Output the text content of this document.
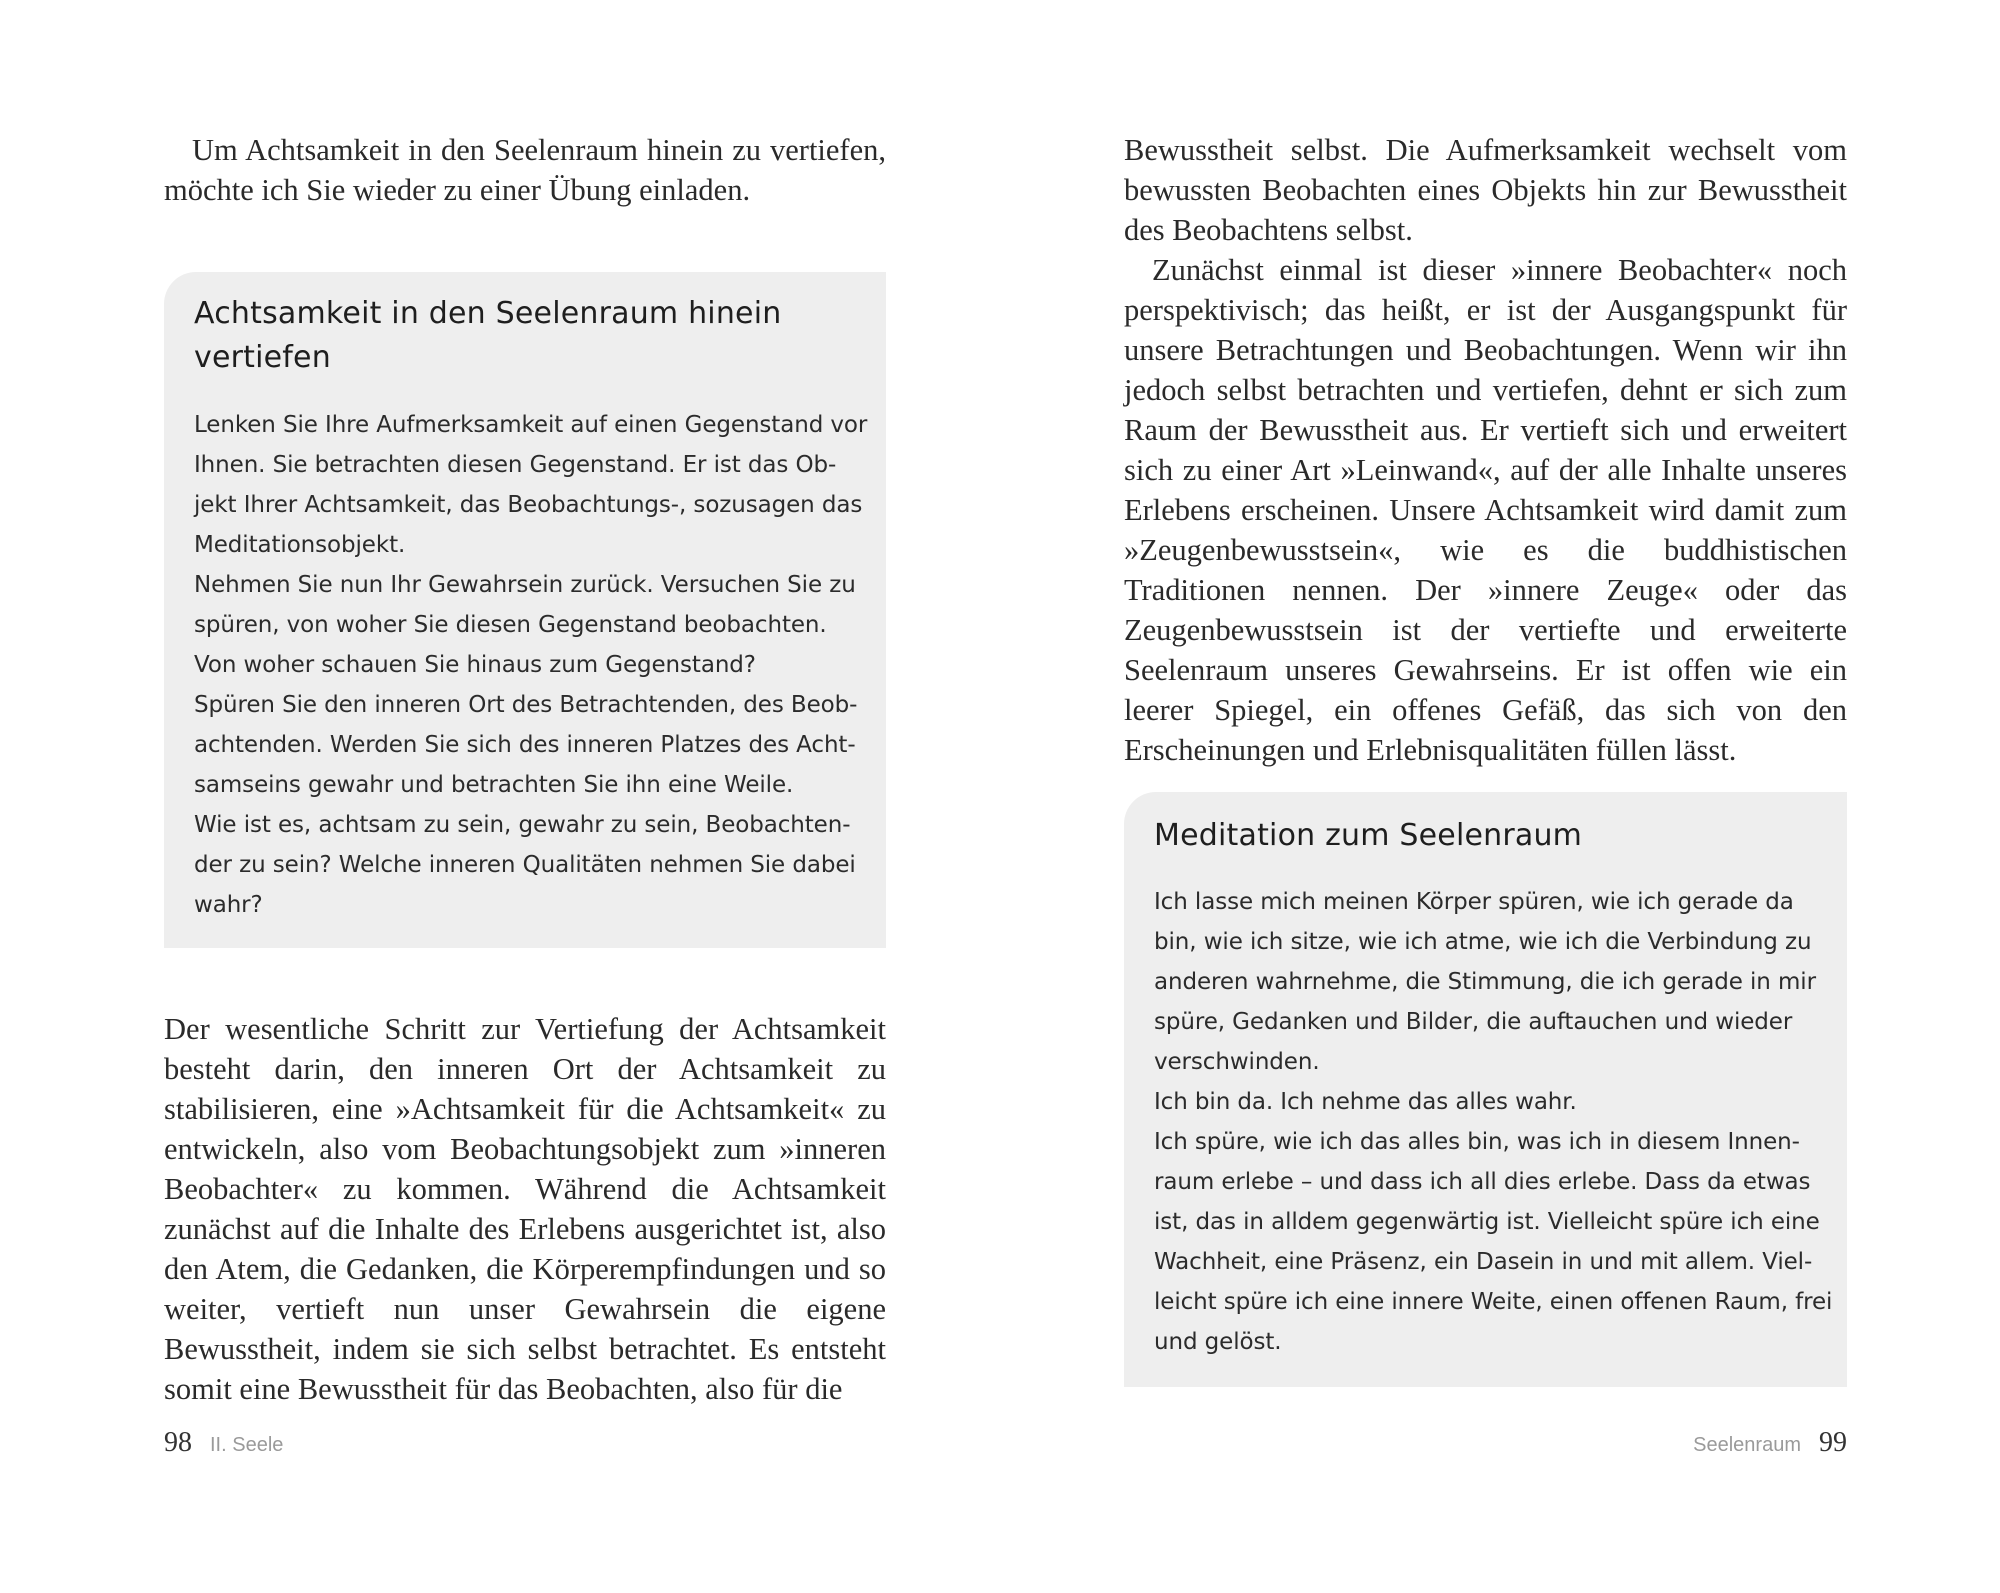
Um Achtsamkeit in den Seelenraum hinein zu vertiefen, möchte ich Sie wieder zu einer Übung einladen.

Achtsamkeit in den Seelenraum hinein
vertiefen
Lenken Sie Ihre Aufmerksamkeit auf einen Gegenstand vor
Ihnen. Sie betrachten diesen Gegenstand. Er ist das Ob-
jekt Ihrer Achtsamkeit, das Beobachtungs-, sozusagen das
Meditationsobjekt.
Nehmen Sie nun Ihr Gewahrsein zurück. Versuchen Sie zu
spüren, von woher Sie diesen Gegenstand beobachten.
Von woher schauen Sie hinaus zum Gegenstand?
Spüren Sie den inneren Ort des Betrachtenden, des Beob-
achtenden. Werden Sie sich des inneren Platzes des Acht-
samseins gewahr und betrachten Sie ihn eine Weile.
Wie ist es, achtsam zu sein, gewahr zu sein, Beobachten-
der zu sein? Welche inneren Qualitäten nehmen Sie dabei
wahr?

Der wesentliche Schritt zur Vertiefung der Achtsamkeit besteht darin, den inneren Ort der Achtsamkeit zu stabilisieren, eine »Achtsamkeit für die Achtsamkeit« zu entwickeln, also vom Beobachtungsobjekt zum »inneren Beobachter« zu kommen. Während die Achtsamkeit zunächst auf die Inhalte des Erlebens ausgerichtet ist, also den Atem, die Gedanken, die Körperempfindungen und so weiter, vertieft nun unser Gewahrsein die eigene Bewusstheit, indem sie sich selbst betrachtet. Es entsteht somit eine Bewusstheit für das Beobachten, also für die

98 II. Seele

Bewusstheit selbst. Die Aufmerksamkeit wechselt vom bewussten Beobachten eines Objekts hin zur Bewusstheit des Beobachtens selbst.

Zunächst einmal ist dieser »innere Beobachter« noch perspektivisch; das heißt, er ist der Ausgangspunkt für unsere Betrachtungen und Beobachtungen. Wenn wir ihn jedoch selbst betrachten und vertiefen, dehnt er sich zum Raum der Bewusstheit aus. Er vertieft sich und erweitert sich zu einer Art »Leinwand«, auf der alle Inhalte unseres Erlebens erscheinen. Unsere Achtsamkeit wird damit zum »Zeugenbewusstsein«, wie es die buddhistischen Traditionen nennen. Der »innere Zeuge« oder das Zeugenbewusstsein ist der vertiefte und erweiterte Seelenraum unseres Gewahrseins. Er ist offen wie ein leerer Spiegel, ein offenes Gefäß, das sich von den Erscheinungen und Erlebnisqualitäten füllen lässt.

Meditation zum Seelenraum
Ich lasse mich meinen Körper spüren, wie ich gerade da
bin, wie ich sitze, wie ich atme, wie ich die Verbindung zu
anderen wahrnehme, die Stimmung, die ich gerade in mir
spüre, Gedanken und Bilder, die auftauchen und wieder
verschwinden.
Ich bin da. Ich nehme das alles wahr.
Ich spüre, wie ich das alles bin, was ich in diesem Innen-
raum erlebe – und dass ich all dies erlebe. Dass da etwas
ist, das in alldem gegenwärtig ist. Vielleicht spüre ich eine
Wachheit, eine Präsenz, ein Dasein in und mit allem. Viel-
leicht spüre ich eine innere Weite, einen offenen Raum, frei
und gelöst.
Seelenraum 99
